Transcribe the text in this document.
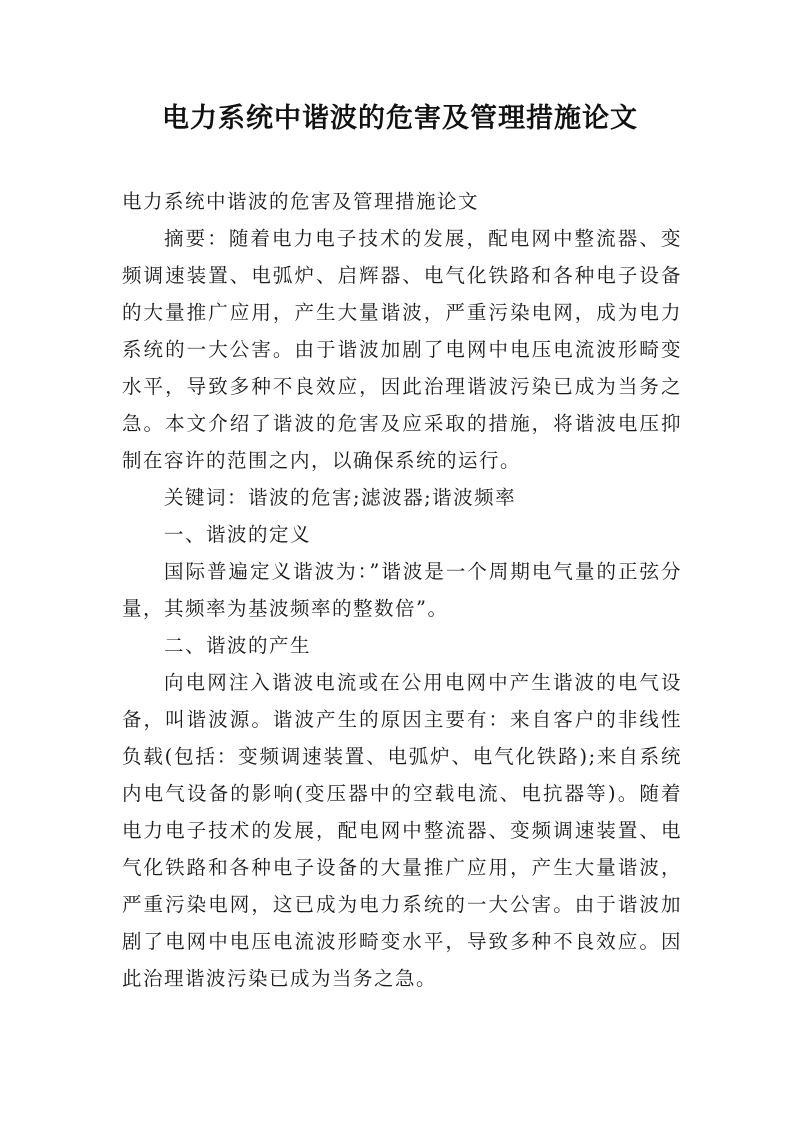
电力系统中谐波的危害及管理措施论文

电力系统中谐波的危害及管理措施论文

摘要：随着电力电子技术的发展，配电网中整流器、变频调速装置、电弧炉、启辉器、电气化铁路和各种电子设备的大量推广应用，产生大量谐波，严重污染电网，成为电力系统的一大公害。由于谐波加剧了电网中电压电流波形畸变水平，导致多种不良效应，因此治理谐波污染已成为当务之急。本文介绍了谐波的危害及应采取的措施，将谐波电压抑制在容许的范围之内，以确保系统的运行。

关键词：谐波的危害;滤波器;谐波频率

一、谐波的定义

国际普遍定义谐波为：”谐波是一个周期电气量的正弦分量，其频率为基波频率的整数倍”。

二、谐波的产生

向电网注入谐波电流或在公用电网中产生谐波的电气设备，叫谐波源。谐波产生的原因主要有：来自客户的非线性负载(包括：变频调速装置、电弧炉、电气化铁路);来自系统内电气设备的影响(变压器中的空载电流、电抗器等)。随着电力电子技术的发展，配电网中整流器、变频调速装置、电气化铁路和各种电子设备的大量推广应用，产生大量谐波，严重污染电网，这已成为电力系统的一大公害。由于谐波加剧了电网中电压电流波形畸变水平，导致多种不良效应。因此治理谐波污染已成为当务之急。
